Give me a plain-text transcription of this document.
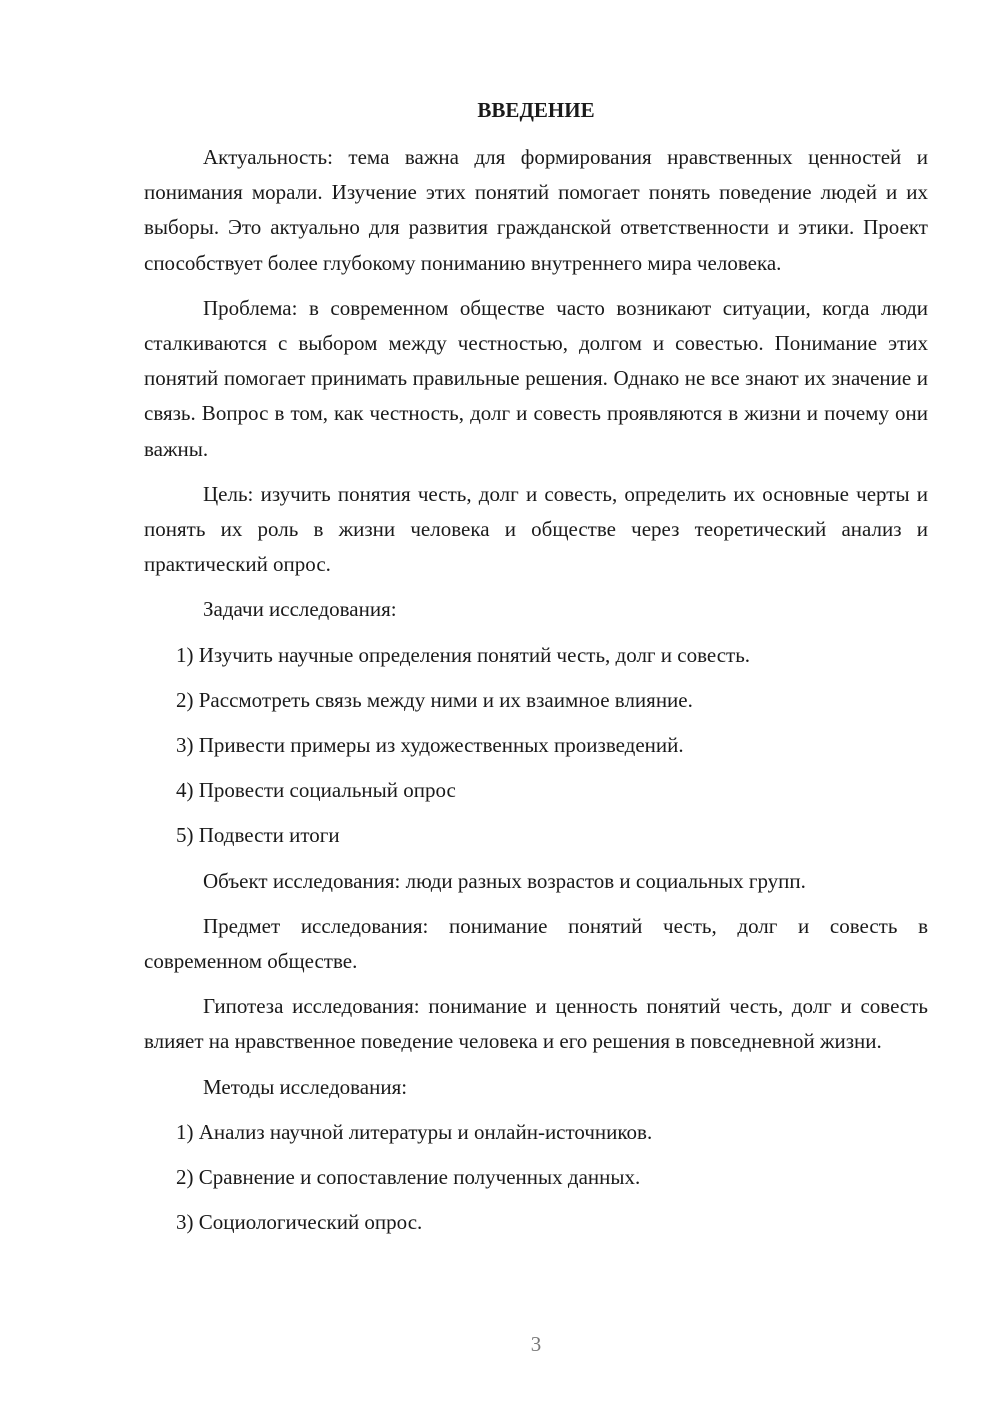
ВВЕДЕНИЕ

Актуальность: тема важна для формирования нравственных ценностей и понимания морали. Изучение этих понятий помогает понять поведение людей и их выборы. Это актуально для развития гражданской ответственности и этики. Проект способствует более глубокому пониманию внутреннего мира человека.

Проблема: в современном обществе часто возникают ситуации, когда люди сталкиваются с выбором между честностью, долгом и совестью. Понимание этих понятий помогает принимать правильные решения. Однако не все знают их значение и связь. Вопрос в том, как честность, долг и совесть проявляются в жизни и почему они важны.

Цель: изучить понятия честь, долг и совесть, определить их основные черты и понять их роль в жизни человека и обществе через теоретический анализ и практический опрос.

Задачи исследования:

1) Изучить научные определения понятий честь, долг и совесть.
2) Рассмотреть связь между ними и их взаимное влияние.
3) Привести примеры из художественных произведений.
4) Провести социальный опрос
5) Подвести итоги

Объект исследования: люди разных возрастов и социальных групп.

Предмет исследования: понимание понятий честь, долг и совесть в современном обществе.

Гипотеза исследования: понимание и ценность понятий честь, долг и совесть влияет на нравственное поведение человека и его решения в повседневной жизни.

Методы исследования:

1) Анализ научной литературы и онлайн-источников.
2) Сравнение и сопоставление полученных данных.
3) Социологический опрос.
3
